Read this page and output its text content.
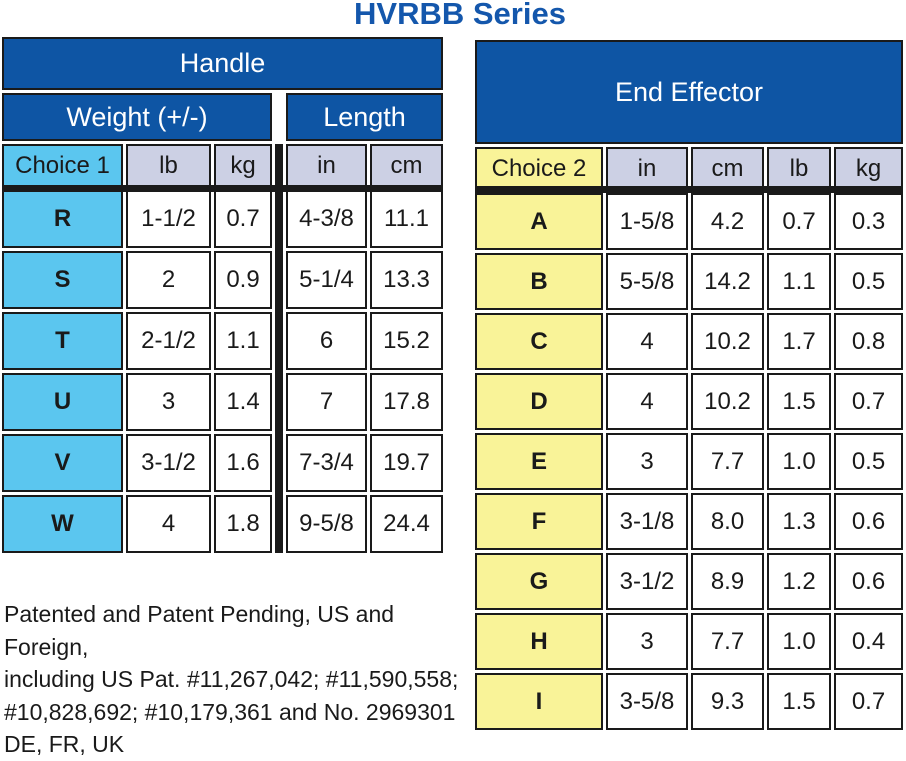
HVRBB Series
Handle
Weight (+/-)	Length
Choice 1	lb	kg	in	cm
R	1-1/2	0.7	4-3/8	11.1
S	2	0.9	5-1/4	13.3
T	2-1/2	1.1	6	15.2
U	3	1.4	7	17.8
V	3-1/2	1.6	7-3/4	19.7
W	4	1.8	9-5/8	24.4
End Effector
Choice 2	in	cm	lb	kg
A	1-5/8	4.2	0.7	0.3
B	5-5/8	14.2	1.1	0.5
C	4	10.2	1.7	0.8
D	4	10.2	1.5	0.7
E	3	7.7	1.0	0.5
F	3-1/8	8.0	1.3	0.6
G	3-1/2	8.9	1.2	0.6
H	3	7.7	1.0	0.4
I	3-5/8	9.3	1.5	0.7
Patented and Patent Pending, US and Foreign,
including US Pat. #11,267,042; #11,590,558;
#10,828,692; #10,179,361 and No. 2969301
DE, FR, UK
